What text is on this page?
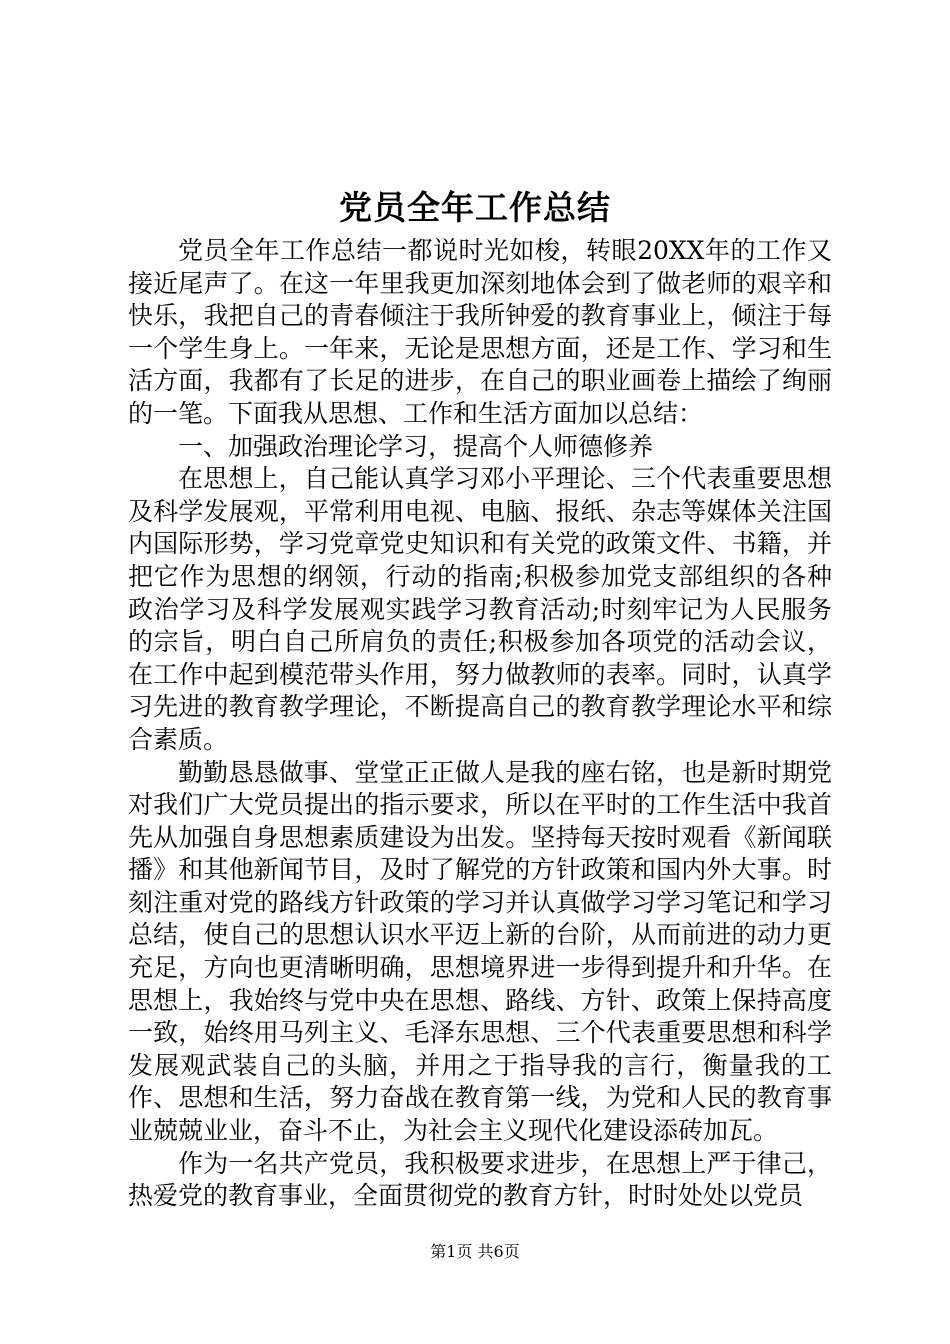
党员全年工作总结

党员全年工作总结一都说时光如梭，转眼20XX年的工作又接近尾声了。在这一年里我更加深刻地体会到了做老师的艰辛和快乐，我把自己的青春倾注于我所钟爱的教育事业上，倾注于每一个学生身上。一年来，无论是思想方面，还是工作、学习和生活方面，我都有了长足的进步，在自己的职业画卷上描绘了绚丽的一笔。下面我从思想、工作和生活方面加以总结：

一、加强政治理论学习，提高个人师德修养

在思想上，自己能认真学习邓小平理论、三个代表重要思想及科学发展观，平常利用电视、电脑、报纸、杂志等媒体关注国内国际形势，学习党章党史知识和有关党的政策文件、书籍，并把它作为思想的纲领，行动的指南;积极参加党支部组织的各种政治学习及科学发展观实践学习教育活动;时刻牢记为人民服务的宗旨，明白自己所肩负的责任;积极参加各项党的活动会议，在工作中起到模范带头作用，努力做教师的表率。同时，认真学习先进的教育教学理论，不断提高自己的教育教学理论水平和综合素质。

勤勤恳恳做事、堂堂正正做人是我的座右铭，也是新时期党对我们广大党员提出的指示要求，所以在平时的工作生活中我首先从加强自身思想素质建设为出发。坚持每天按时观看《新闻联播》和其他新闻节目，及时了解党的方针政策和国内外大事。时刻注重对党的路线方针政策的学习并认真做学习学习笔记和学习总结，使自己的思想认识水平迈上新的台阶，从而前进的动力更充足，方向也更清晰明确，思想境界进一步得到提升和升华。在思想上，我始终与党中央在思想、路线、方针、政策上保持高度一致，始终用马列主义、毛泽东思想、三个代表重要思想和科学发展观武装自己的头脑，并用之于指导我的言行，衡量我的工作、思想和生活，努力奋战在教育第一线，为党和人民的教育事业兢兢业业，奋斗不止，为社会主义现代化建设添砖加瓦。

作为一名共产党员，我积极要求进步，在思想上严于律己，热爱党的教育事业，全面贯彻党的教育方针，时时处处以党员

第1页 共6页
